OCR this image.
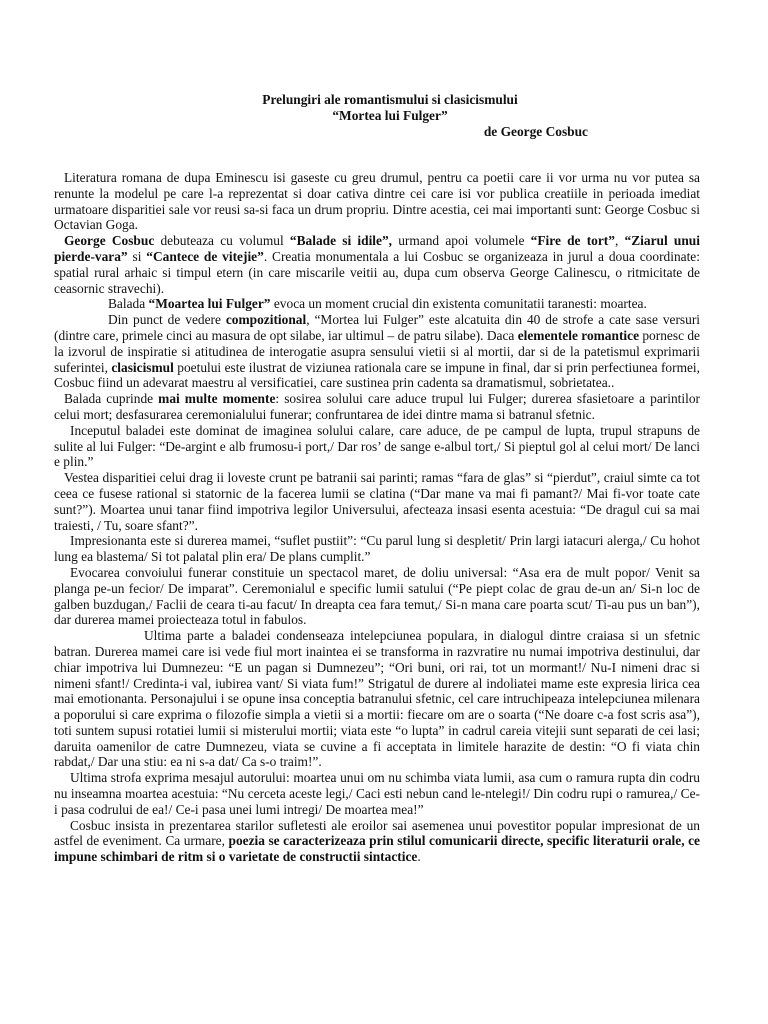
Prelungiri ale romantismului si clasicismului
“Mortea lui Fulger”
de George Cosbuc

Literatura romana de dupa Eminescu isi gaseste cu greu drumul, pentru ca poetii care ii vor urma nu vor putea sa renunte la modelul pe care l-a reprezentat si doar cativa dintre cei care isi vor publica creatiile in perioada imediat urmatoare disparitiei sale vor reusi sa-si faca un drum propriu. Dintre acestia, cei mai importanti sunt: George Cosbuc si Octavian Goga.

George Cosbuc debuteaza cu volumul “Balade si idile”, urmand apoi volumele “Fire de tort”, “Ziarul unui pierde-vara” si “Cantece de vitejie”. Creatia monumentala a lui Cosbuc se organizeaza in jurul a doua coordinate: spatial rural arhaic si timpul etern (in care miscarile veitii au, dupa cum observa George Calinescu, o ritmicitate de ceasornic stravechi).

Balada “Moartea lui Fulger” evoca un moment crucial din existenta comunitatii taranesti: moartea.

Din punct de vedere compozitional, “Mortea lui Fulger” este alcatuita din 40 de strofe a cate sase versuri (dintre care, primele cinci au masura de opt silabe, iar ultimul – de patru silabe). Daca elementele romantice pornesc de la izvorul de inspiratie si atitudinea de interogatie asupra sensului vietii si al mortii, dar si de la patetismul exprimarii suferintei, clasicismul poetului este ilustrat de viziunea rationala care se impune in final, dar si prin perfectiunea formei, Cosbuc fiind un adevarat maestru al versificatiei, care sustinea prin cadenta sa dramatismul, sobrietatea..

Balada cuprinde mai multe momente: sosirea solului care aduce trupul lui Fulger; durerea sfasietoare a parintilor celui mort; desfasurarea ceremonialului funerar; confruntarea de idei dintre mama si batranul sfetnic.

Inceputul baladei este dominat de imaginea solului calare, care aduce, de pe campul de lupta, trupul strapuns de sulite al lui Fulger: “De-argint e alb frumosu-i port,/ Dar ros’ de sange e-albul tort,/ Si pieptul gol al celui mort/ De lanci e plin.”

Vestea disparitiei celui drag ii loveste crunt pe batranii sai parinti; ramas “fara de glas” si “pierdut”, craiul simte ca tot ceea ce fusese rational si statornic de la facerea lumii se clatina (“Dar mane va mai fi pamant?/ Mai fi-vor toate cate sunt?”). Moartea unui tanar fiind impotriva legilor Universului, afecteaza insasi esenta acestuia: “De dragul cui sa mai traiesti, / Tu, soare sfant?”.

Impresionanta este si durerea mamei, “suflet pustiit”: “Cu parul lung si despletit/ Prin largi iatacuri alerga,/ Cu hohot lung ea blastema/ Si tot palatal plin era/ De plans cumplit.”

Evocarea convoiului funerar constituie un spectacol maret, de doliu universal: “Asa era de mult popor/ Venit sa planga pe-un fecior/ De imparat”. Ceremonialul e specific lumii satului (“Pe piept colac de grau de-un an/ Si-n loc de galben buzdugan,/ Faclii de ceara ti-au facut/ In dreapta cea fara temut,/ Si-n mana care poarta scut/ Ti-au pus un ban”), dar durerea mamei proiecteaza totul in fabulos.

Ultima parte a baladei condenseaza intelepciunea populara, in dialogul dintre craiasa si un sfetnic batran. Durerea mamei care isi vede fiul mort inaintea ei se transforma in razvratire nu numai impotriva destinului, dar chiar impotriva lui Dumnezeu: “E un pagan si Dumnezeu”; “Ori buni, ori rai, tot un mormant!/ Nu-I nimeni drac si nimeni sfant!/ Credinta-i val, iubirea vant/ Si viata fum!” Strigatul de durere al indoliatei mame este expresia lirica cea mai emotionanta. Personajului i se opune insa conceptia batranului sfetnic, cel care intruchipeaza intelepciunea milenara a poporului si care exprima o filozofie simpla a vietii si a mortii: fiecare om are o soarta (“Ne doare c-a fost scris asa”), toti suntem supusi rotatiei lumii si misterului mortii; viata este “o lupta” in cadrul careia vitejii sunt separati de cei lasi; daruita oamenilor de catre Dumnezeu, viata se cuvine a fi acceptata in limitele harazite de destin: “O fi viata chin rabdat,/ Dar una stiu: ea ni s-a dat/ Ca s-o traim!”.

Ultima strofa exprima mesajul autorului: moartea unui om nu schimba viata lumii, asa cum o ramura rupta din codru nu inseamna moartea acestuia: “Nu cerceta aceste legi,/ Caci esti nebun cand le-ntelegi!/ Din codru rupi o ramurea,/ Ce-i pasa codrului de ea!/ Ce-i pasa unei lumi intregi/ De moartea mea!”

Cosbuc insista in prezentarea starilor sufletesti ale eroilor sai asemenea unui povestitor popular impresionat de un astfel de eveniment. Ca urmare, poezia se caracterizeaza prin stilul comunicarii directe, specific literaturii orale, ce impune schimbari de ritm si o varietate de constructii sintactice.
